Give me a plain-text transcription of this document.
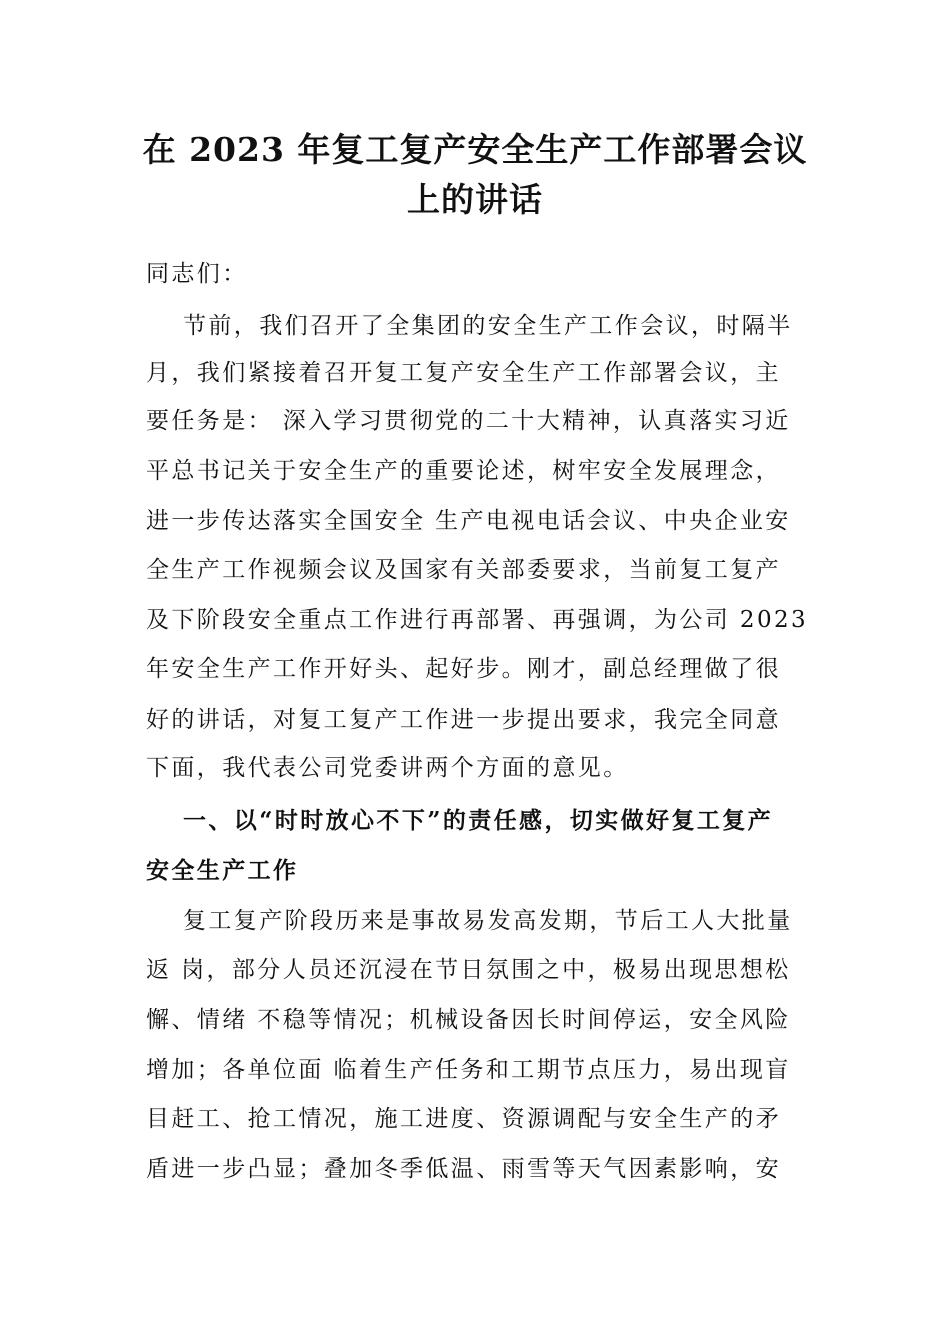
在 2023 年复工复产安全生产工作部署会议
上的讲话
同志们：
节前，我们召开了全集团的安全生产工作会议，时隔半
月，我们紧接着召开复工复产安全生产工作部署会议，主
要任务是： 深入学习贯彻党的二十大精神，认真落实习近
平总书记关于安全生产的重要论述，树牢安全发展理念，
进一步传达落实全国安全 生产电视电话会议、中央企业安
全生产工作视频会议及国家有关部委要求，当前复工复产
及下阶段安全重点工作进行再部署、再强调，为公司 2023
年安全生产工作开好头、起好步。刚才，副总经理做了很
好的讲话，对复工复产工作进一步提出要求，我完全同意
下面，我代表公司党委讲两个方面的意见。
一、以“时时放心不下”的责任感，切实做好复工复产
安全生产工作
复工复产阶段历来是事故易发高发期，节后工人大批量
返 岗，部分人员还沉浸在节日氛围之中，极易出现思想松
懈、情绪 不稳等情况；机械设备因长时间停运，安全风险
增加；各单位面 临着生产任务和工期节点压力，易出现盲
目赶工、抢工情况，施工进度、资源调配与安全生产的矛
盾进一步凸显；叠加冬季低温、雨雪等天气因素影响，安
